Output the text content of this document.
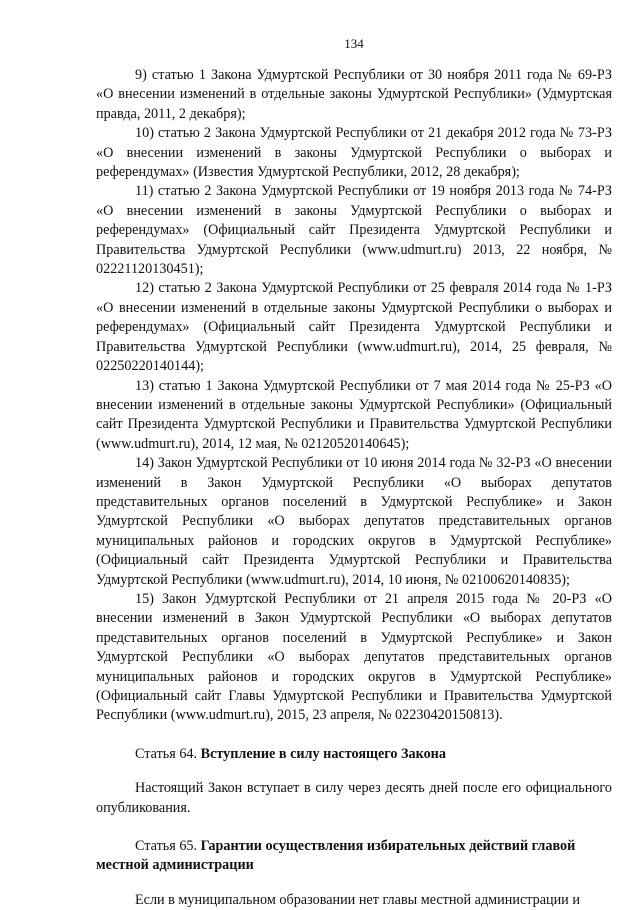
134

9) статью 1 Закона Удмуртской Республики от 30 ноября 2011 года № 69-РЗ «О внесении изменений в отдельные законы Удмуртской Республики» (Удмуртская правда, 2011, 2 декабря);

10) статью 2 Закона Удмуртской Республики от 21 декабря 2012 года № 73-РЗ «О внесении изменений в законы Удмуртской Республики о выборах и референдумах» (Известия Удмуртской Республики, 2012, 28 декабря);

11) статью 2 Закона Удмуртской Республики от 19 ноября 2013 года № 74-РЗ «О внесении изменений в законы Удмуртской Республики о выборах и референдумах» (Официальный сайт Президента Удмуртской Республики и Правительства Удмуртской Республики (www.udmurt.ru) 2013, 22 ноября, № 02221120130451);

12) статью 2 Закона Удмуртской Республики от 25 февраля 2014 года № 1-РЗ «О внесении изменений в отдельные законы Удмуртской Республики о выборах и референдумах» (Официальный сайт Президента Удмуртской Республики и Правительства Удмуртской Республики (www.udmurt.ru), 2014, 25 февраля, № 02250220140144);

13) статью 1 Закона Удмуртской Республики от 7 мая 2014 года № 25-РЗ «О внесении изменений в отдельные законы Удмуртской Республики» (Официальный сайт Президента Удмуртской Республики и Правительства Удмуртской Республики (www.udmurt.ru), 2014, 12 мая, № 02120520140645);

14) Закон Удмуртской Республики от 10 июня 2014 года № 32-РЗ «О внесении изменений в Закон Удмуртской Республики «О выборах депутатов представительных органов поселений в Удмуртской Республике» и Закон Удмуртской Республики «О выборах депутатов представительных органов муниципальных районов и городских округов в Удмуртской Республике» (Официальный сайт Президента Удмуртской Республики и Правительства Удмуртской Республики (www.udmurt.ru), 2014, 10 июня, № 02100620140835);

15) Закон Удмуртской Республики от 21 апреля 2015 года № 20-РЗ «О внесении изменений в Закон Удмуртской Республики «О выборах депутатов представительных органов поселений в Удмуртской Республике» и Закон Удмуртской Республики «О выборах депутатов представительных органов муниципальных районов и городских округов в Удмуртской Республике» (Официальный сайт Главы Удмуртской Республики и Правительства Удмуртской Республики (www.udmurt.ru), 2015, 23 апреля, № 02230420150813).

Статья 64. Вступление в силу настоящего Закона

Настоящий Закон вступает в силу через десять дней после его официального опубликования.

Статья 65. Гарантии осуществления избирательных действий главой местной администрации

Если в муниципальном образовании нет главы местной администрации и
